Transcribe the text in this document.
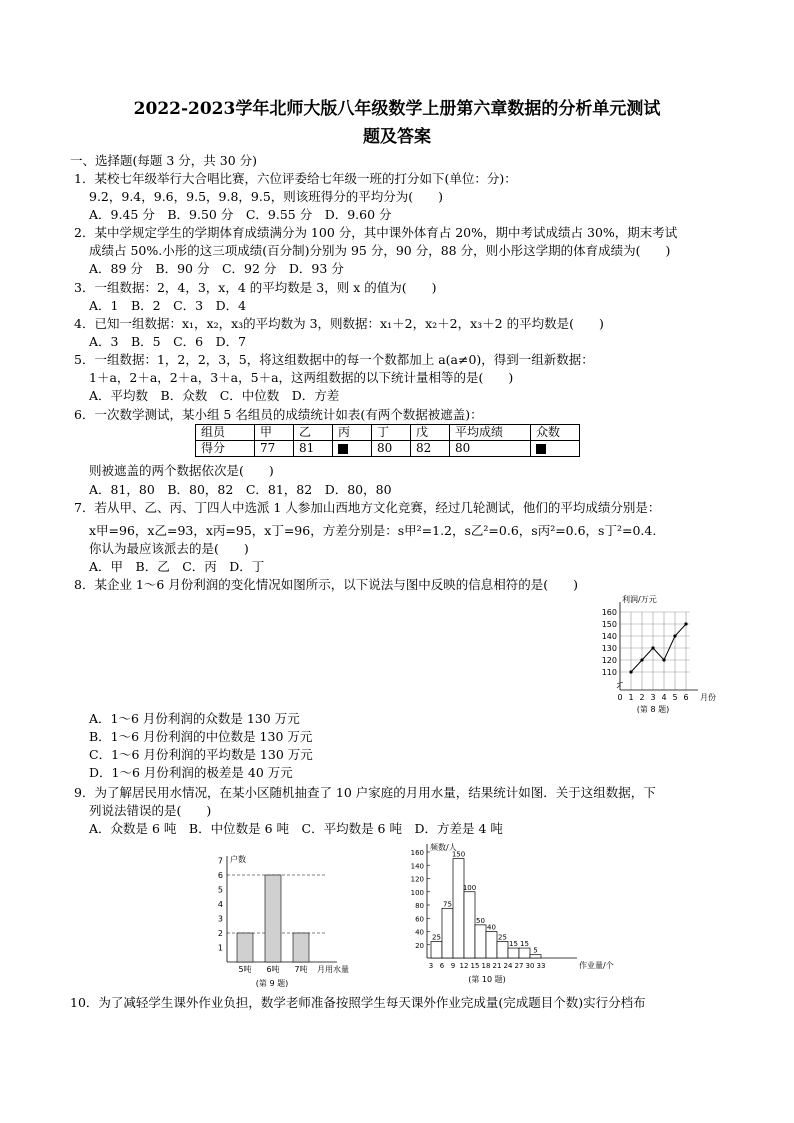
2022-2023学年北师大版八年级数学上册第六章数据的分析单元测试
题及答案
一、选择题(每题 3 分，共 30 分)
1．某校七年级举行大合唱比赛，六位评委给七年级一班的打分如下(单位：分)：
9.2，9.4，9.6，9.5，9.8，9.5，则该班得分的平均分为(　　)
A．9.45 分　B．9.50 分　C．9.55 分　D．9.60 分
2．某中学规定学生的学期体育成绩满分为 100 分，其中课外体育占 20%，期中考试成绩占 30%，期末考试
成绩占 50%.小彤的这三项成绩(百分制)分别为 95 分，90 分，88 分，则小彤这学期的体育成绩为(　　)
A．89 分　B．90 分　C．92 分　D．93 分
3．一组数据：2，4，3，x，4 的平均数是 3，则 x 的值为(　　)
A．1　B．2　C．3　D．4
4．已知一组数据：x₁，x₂，x₃的平均数为 3，则数据：x₁＋2，x₂＋2，x₃＋2 的平均数是(　　)
A．3　B．5　C．6　D．7
5．一组数据：1，2，2，3，5，将这组数据中的每一个数都加上 a(a≠0)，得到一组新数据：
1＋a，2＋a，2＋a，3＋a，5＋a，这两组数据的以下统计量相等的是(　　)
A．平均数　B．众数　C．中位数　D．方差
6．一次数学测试，某小组 5 名组员的成绩统计如表(有两个数据被遮盖)：
组员	甲	乙	丙	丁	戊	平均成绩	众数
得分	77	81		80	82	80	
则被遮盖的两个数据依次是(　　)
A．81，80　B．80，82　C．81，82　D．80，80
7．若从甲、乙、丙、丁四人中选派 1 人参加山西地方文化竞赛，经过几轮测试，他们的平均成绩分别是：
x甲=96，x乙=93，x丙=95，x丁=96，方差分别是：s甲²=1.2，s乙²=0.6，s丙²=0.6，s丁²=0.4.
你认为最应该派去的是(　　)
A．甲　B．乙　C．丙　D．丁
8．某企业 1～6 月份利润的变化情况如图所示，以下说法与图中反映的信息相符的是(　　)
110
120
130
140
150
160
0 1 2 3 4 5 6 月份
利润/万元
(第 8 题)
A．1～6 月份利润的众数是 130 万元
B．1～6 月份利润的中位数是 130 万元
C．1～6 月份利润的平均数是 130 万元
D．1～6 月份利润的极差是 40 万元
9．为了解居民用水情况，在某小区随机抽查了 10 户家庭的月用水量，结果统计如图．关于这组数据，下
列说法错误的是(　　)
A．众数是 6 吨　B．中位数是 6 吨　C．平均数是 6 吨　D．方差是 4 吨
户数
1
2
3
4
5
6
7
5吨 6吨 7吨 月用水量
(第 9 题)
频数/人
20
40
60
80
100
120
140
160
25
75
150
100
50
40
25
15 15
5
3 6 9 12 15 18 21 24 27 30 33	作业量/个
(第 10 题)
10．为了减轻学生课外作业负担，数学老师准备按照学生每天课外作业完成量(完成题目个数)实行分档布
